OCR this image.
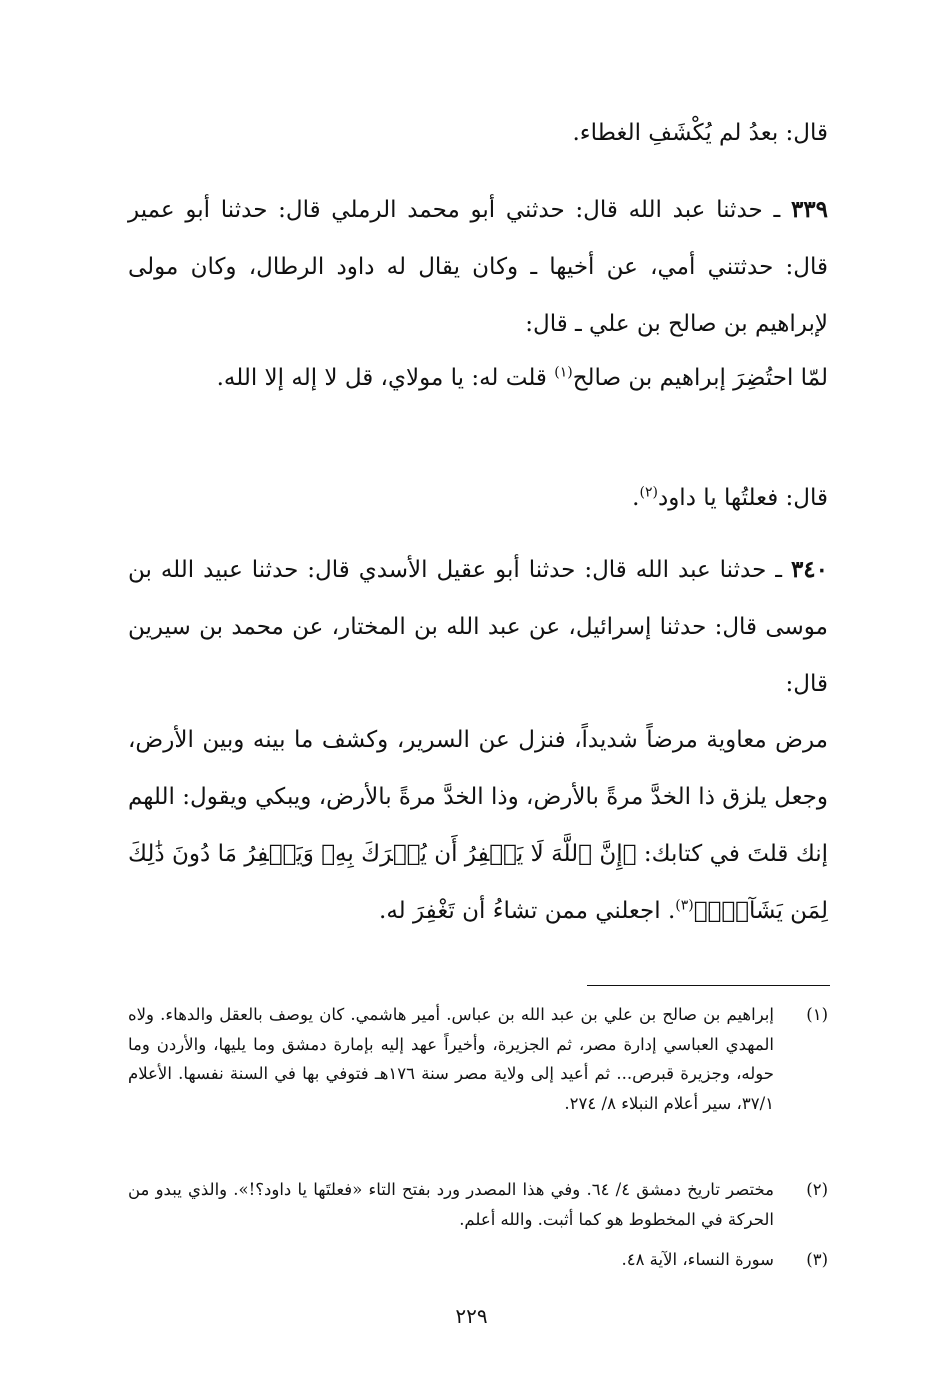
قال: بعدُ لم يُكْشَفِ الغطاء.

٣٣٩ ـ حدثنا عبد الله قال: حدثني أبو محمد الرملي قال: حدثنا أبو عمير قال: حدثتني أمي، عن أخيها ـ وكان يقال له داود الرطال، وكان مولى لإبراهيم بن صالح بن علي ـ قال:

لمّا احتُضِرَ إبراهيم بن صالح$^{(١)}$ قلت له: يا مولاي، قل لا إله إلا الله.

قال: فعلتُها يا داود$^{(٢)}$.

٣٤٠ ـ حدثنا عبد الله قال: حدثنا أبو عقيل الأسدي قال: حدثنا عبيد الله بن موسى قال: حدثنا إسرائيل، عن عبد الله بن المختار، عن محمد بن سيرين قال:

مرض معاوية مرضاً شديداً، فنزل عن السرير، وكشف ما بينه وبين الأرض، وجعل يلزق ذا الخدَّ مرةً بالأرض، وذا الخدَّ مرةً بالأرض، ويبكي ويقول: اللهم إنك قلتَ في كتابك: ﴿إِنَّ ٱللَّهَ لَا يَغۡفِرُ أَن يُشۡرَكَ بِهِۦ وَيَغۡفِرُ مَا دُونَ ذَٰلِكَ لِمَن يَشَآءُۚ﴾$^{(٣)}$. اجعلني ممن تشاءُ أن تَغْفِرَ له.

(١)
إبراهيم بن صالح بن علي بن عبد الله بن عباس. أمير هاشمي. كان يوصف بالعقل والدهاء. ولاه المهدي العباسي إدارة مصر، ثم الجزيرة، وأخيراً عهد إليه بإمارة دمشق وما يليها، والأردن وما حوله، وجزيرة قبرص... ثم أعيد إلى ولاية مصر سنة ١٧٦هـ فتوفي بها في السنة نفسها. الأعلام ٣٧/١، سير أعلام النبلاء ٨/ ٢٧٤.
(٢)
مختصر تاريخ دمشق ٤/ ٦٤. وفي هذا المصدر ورد بفتح التاء «فعلتَها يا داود؟!». والذي يبدو من الحركة في المخطوط هو كما أثبت. والله أعلم.
(٣)
سورة النساء، الآية ٤٨.
٢٢٩
